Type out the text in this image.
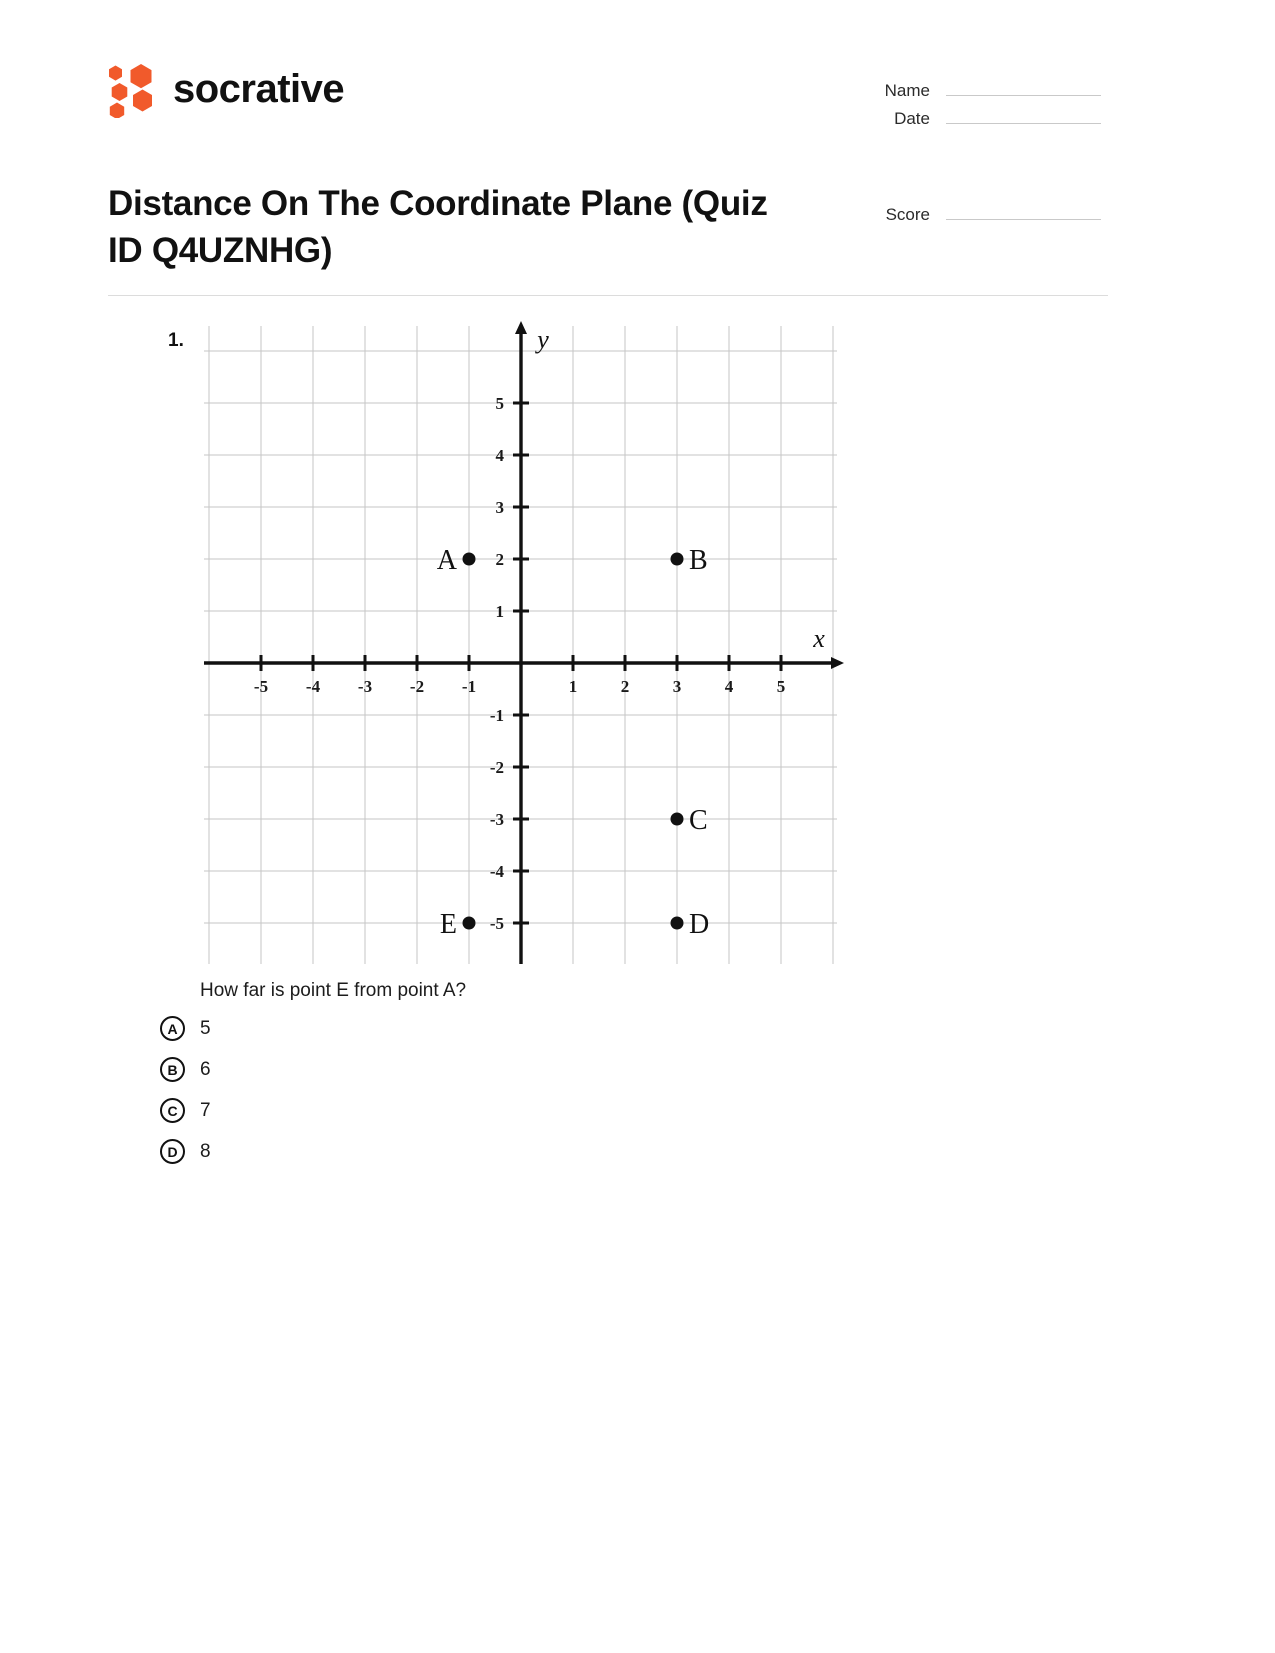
socrative	Name
Date
Score
Distance On The Coordinate Plane (Quiz ID Q4UZNHG)
1.
x
y
-5 -4 -3 -2 -1	1	2	3	4	5
5
4
3
2
1
-1
-2
-3
-4
-5
A	B
C
D
E
How far is point E from point A?
A	5
B	6
C	7
D	8
